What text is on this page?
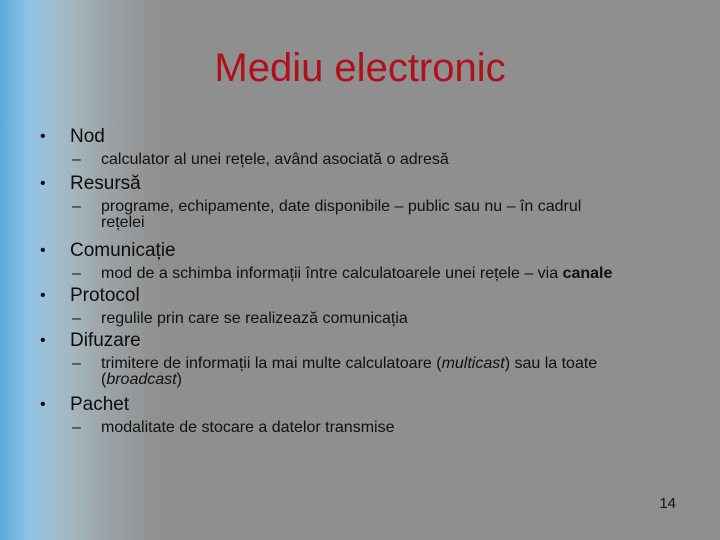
Mediu electronic
• Nod
– calculator al unei rețele, având asociată o adresă
• Resursă
– programe, echipamente, date disponibile – public sau nu – în cadrul
rețelei
• Comunicație
– mod de a schimba informații între calculatoarele unei rețele – via canale
• Protocol
– regulile prin care se realizează comunicația
• Difuzare
– trimitere de informații la mai multe calculatoare (multicast) sau la toate
(broadcast)
• Pachet
– modalitate de stocare a datelor transmise
14
